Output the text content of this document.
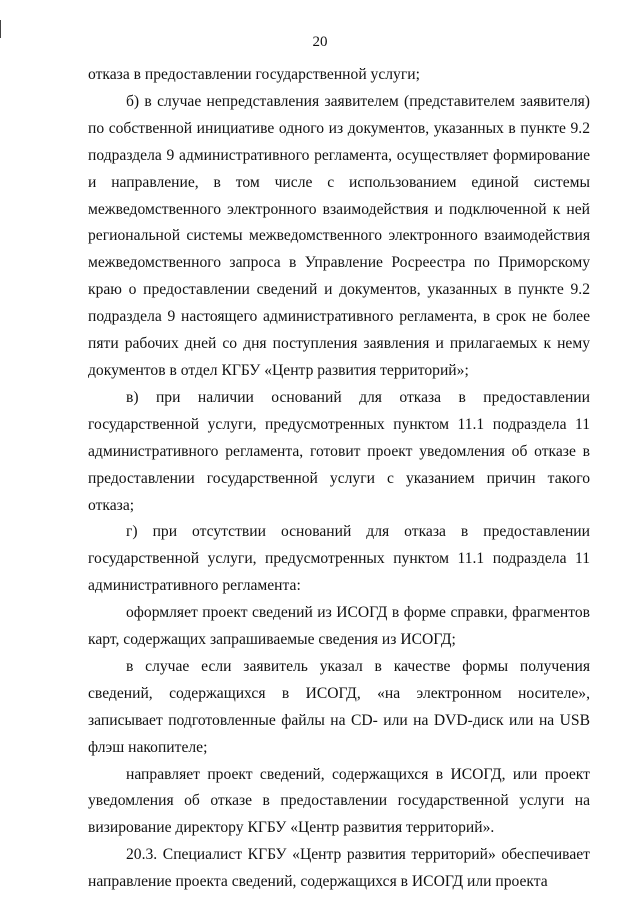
20

отказа в предоставлении государственной услуги;

б) в случае непредставления заявителем (представителем заявителя) по собственной инициативе одного из документов, указанных в пункте 9.2 подраздела 9 административного регламента, осуществляет формирование и направление, в том числе с использованием единой системы межведомственного электронного взаимодействия и подключенной к ней региональной системы межведомственного электронного взаимодействия межведомственного запроса в Управление Росреестра по Приморскому краю о предоставлении сведений и документов, указанных в пункте 9.2 подраздела 9 настоящего административного регламента, в срок не более пяти рабочих дней со дня поступления заявления и прилагаемых к нему документов в отдел КГБУ «Центр развития территорий»;

в) при наличии оснований для отказа в предоставлении государственной услуги, предусмотренных пунктом 11.1 подраздела 11 административного регламента, готовит проект уведомления об отказе в предоставлении государственной услуги с указанием причин такого отказа;

г) при отсутствии оснований для отказа в предоставлении государственной услуги, предусмотренных пунктом 11.1 подраздела 11 административного регламента:

оформляет проект сведений из ИСОГД в форме справки, фрагментов карт, содержащих запрашиваемые сведения из ИСОГД;

в случае если заявитель указал в качестве формы получения сведений, содержащихся в ИСОГД, «на электронном носителе», записывает подготовленные файлы на CD- или на DVD-диск или на USB флэш накопителе;

направляет проект сведений, содержащихся в ИСОГД, или проект уведомления об отказе в предоставлении государственной услуги на визирование директору КГБУ «Центр развития территорий».

20.3. Специалист КГБУ «Центр развития территорий» обеспечивает направление проекта сведений, содержащихся в ИСОГД или проекта
